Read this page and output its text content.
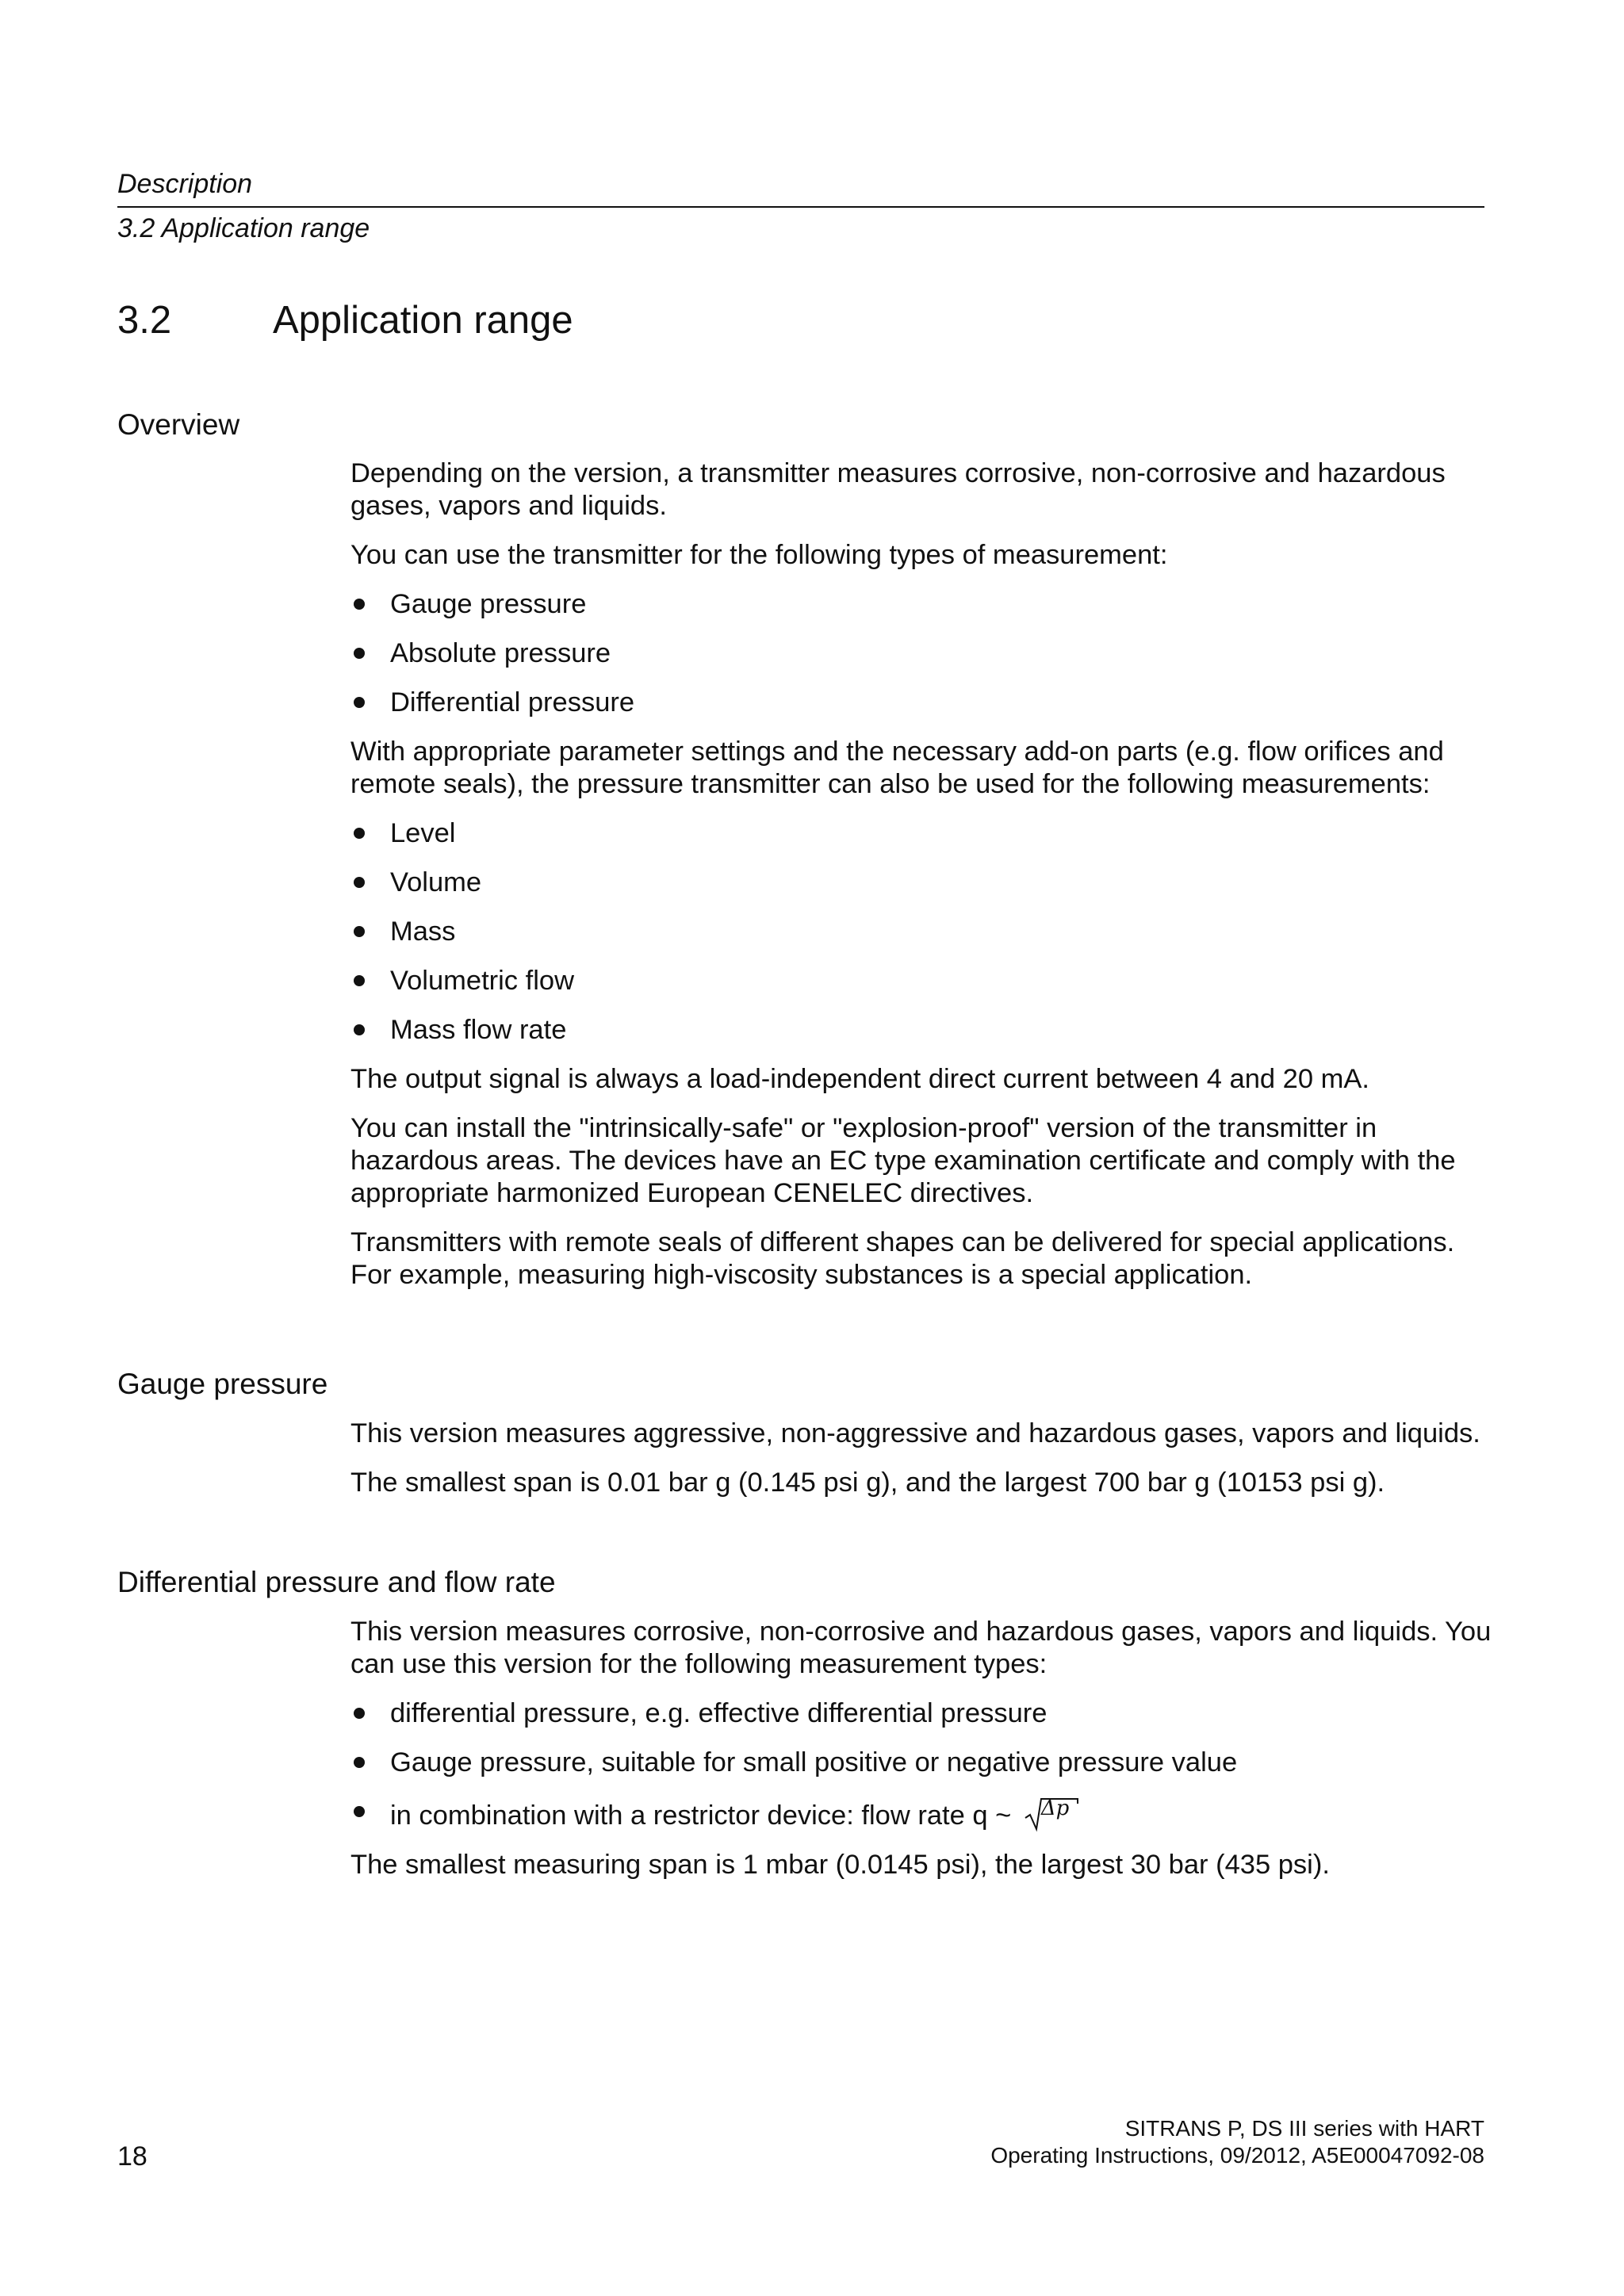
Description
3.2 Application range
3.2	Application range
Overview

Depending on the version, a transmitter measures corrosive, non-corrosive and hazardous gases, vapors and liquids.

You can use the transmitter for the following types of measurement:

Gauge pressure
Absolute pressure
Differential pressure

With appropriate parameter settings and the necessary add-on parts (e.g. flow orifices and remote seals), the pressure transmitter can also be used for the following measurements:

Level
Volume
Mass
Volumetric flow
Mass flow rate

The output signal is always a load-independent direct current between 4 and 20 mA.

You can install the "intrinsically-safe" or "explosion-proof" version of the transmitter in hazardous areas. The devices have an EC type examination certificate and comply with the appropriate harmonized European CENELEC directives.

Transmitters with remote seals of different shapes can be delivered for special applications. For example, measuring high-viscosity substances is a special application.

Gauge pressure

This version measures aggressive, non-aggressive and hazardous gases, vapors and liquids.

The smallest span is 0.01 bar g (0.145 psi g), and the largest 700 bar g (10153 psi g).

Differential pressure and flow rate

This version measures corrosive, non-corrosive and hazardous gases, vapors and liquids. You can use this version for the following measurement types:

differential pressure, e.g. effective differential pressure
Gauge pressure, suitable for small positive or negative pressure value
in combination with a restrictor device: flow rate q ~ Δp

The smallest measuring span is 1 mbar (0.0145 psi), the largest 30 bar (435 psi).

18
SITRANS P, DS III series with HART
Operating Instructions, 09/2012, A5E00047092-08
